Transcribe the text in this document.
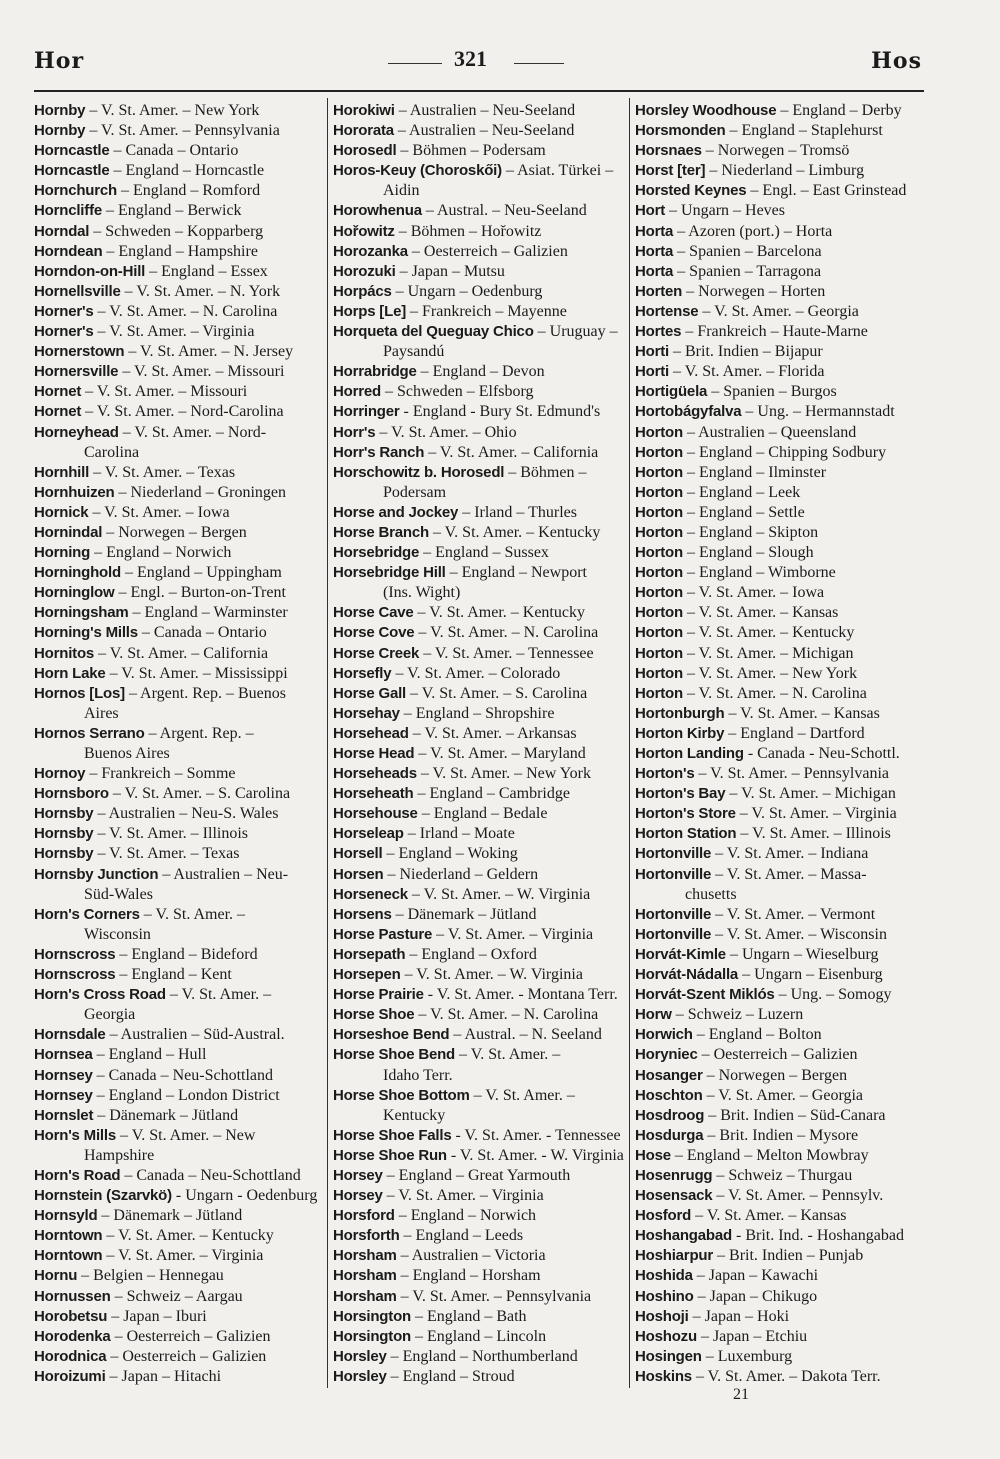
Hor	321	Hos
Hornby – V. St. Amer. – New York
Hornby – V. St. Amer. – Pennsylvania
Horncastle – Canada – Ontario
Horncastle – England – Horncastle
Hornchurch – England – Romford
Horncliffe – England – Berwick
Horndal – Schweden – Kopparberg
Horndean – England – Hampshire
Horndon-on-Hill – England – Essex
Hornellsville – V. St. Amer. – N. York
Horner's – V. St. Amer. – N. Carolina
Horner's – V. St. Amer. – Virginia
Hornerstown – V. St. Amer. – N. Jersey
Hornersville – V. St. Amer. – Missouri
Hornet – V. St. Amer. – Missouri
Hornet – V. St. Amer. – Nord-Carolina
Horneyhead – V. St. Amer. – Nord-
Carolina
Hornhill – V. St. Amer. – Texas
Hornhuizen – Niederland – Groningen
Hornick – V. St. Amer. – Iowa
Hornindal – Norwegen – Bergen
Horning – England – Norwich
Horninghold – England – Uppingham
Horninglow – Engl. – Burton-on-Trent
Horningsham – England – Warminster
Horning's Mills – Canada – Ontario
Hornitos – V. St. Amer. – California
Horn Lake – V. St. Amer. – Mississippi
Hornos [Los] – Argent. Rep. – Buenos
Aires
Hornos Serrano – Argent. Rep. –
Buenos Aires
Hornoy – Frankreich – Somme
Hornsboro – V. St. Amer. – S. Carolina
Hornsby – Australien – Neu-S. Wales
Hornsby – V. St. Amer. – Illinois
Hornsby – V. St. Amer. – Texas
Hornsby Junction – Australien – Neu-
Süd-Wales
Horn's Corners – V. St. Amer. –
Wisconsin
Hornscross – England – Bideford
Hornscross – England – Kent
Horn's Cross Road – V. St. Amer. –
Georgia
Hornsdale – Australien – Süd-Austral.
Hornsea – England – Hull
Hornsey – Canada – Neu-Schottland
Hornsey – England – London District
Hornslet – Dänemark – Jütland
Horn's Mills – V. St. Amer. – New
Hampshire
Horn's Road – Canada – Neu-Schottland
Hornstein (Szarvkö) - Ungarn - Oedenburg
Hornsyld – Dänemark – Jütland
Horntown – V. St. Amer. – Kentucky
Horntown – V. St. Amer. – Virginia
Hornu – Belgien – Hennegau
Hornussen – Schweiz – Aargau
Horobetsu – Japan – Iburi
Horodenka – Oesterreich – Galizien
Horodnica – Oesterreich – Galizien
Horoizumi – Japan – Hitachi
Horokiwi – Australien – Neu-Seeland
Hororata – Australien – Neu-Seeland
Horosedl – Böhmen – Podersam
Horos-Keuy (Choroskői) – Asiat. Türkei –
Aidin
Horowhenua – Austral. – Neu-Seeland
Hořowitz – Böhmen – Hořowitz
Horozanka – Oesterreich – Galizien
Horozuki – Japan – Mutsu
Horpács – Ungarn – Oedenburg
Horps [Le] – Frankreich – Mayenne
Horqueta del Queguay Chico – Uruguay –
Paysandú
Horrabridge – England – Devon
Horred – Schweden – Elfsborg
Horringer - England - Bury St. Edmund's
Horr's – V. St. Amer. – Ohio
Horr's Ranch – V. St. Amer. – California
Horschowitz b. Horosedl – Böhmen –
Podersam
Horse and Jockey – Irland – Thurles
Horse Branch – V. St. Amer. – Kentucky
Horsebridge – England – Sussex
Horsebridge Hill – England – Newport
(Ins. Wight)
Horse Cave – V. St. Amer. – Kentucky
Horse Cove – V. St. Amer. – N. Carolina
Horse Creek – V. St. Amer. – Tennessee
Horsefly – V. St. Amer. – Colorado
Horse Gall – V. St. Amer. – S. Carolina
Horsehay – England – Shropshire
Horsehead – V. St. Amer. – Arkansas
Horse Head – V. St. Amer. – Maryland
Horseheads – V. St. Amer. – New York
Horseheath – England – Cambridge
Horsehouse – England – Bedale
Horseleap – Irland – Moate
Horsell – England – Woking
Horsen – Niederland – Geldern
Horseneck – V. St. Amer. – W. Virginia
Horsens – Dänemark – Jütland
Horse Pasture – V. St. Amer. – Virginia
Horsepath – England – Oxford
Horsepen – V. St. Amer. – W. Virginia
Horse Prairie - V. St. Amer. - Montana Terr.
Horse Shoe – V. St. Amer. – N. Carolina
Horseshoe Bend – Austral. – N. Seeland
Horse Shoe Bend – V. St. Amer. –
Idaho Terr.
Horse Shoe Bottom – V. St. Amer. –
Kentucky
Horse Shoe Falls - V. St. Amer. - Tennessee
Horse Shoe Run - V. St. Amer. - W. Virginia
Horsey – England – Great Yarmouth
Horsey – V. St. Amer. – Virginia
Horsford – England – Norwich
Horsforth – England – Leeds
Horsham – Australien – Victoria
Horsham – England – Horsham
Horsham – V. St. Amer. – Pennsylvania
Horsington – England – Bath
Horsington – England – Lincoln
Horsley – England – Northumberland
Horsley – England – Stroud
Horsley Woodhouse – England – Derby
Horsmonden – England – Staplehurst
Horsnaes – Norwegen – Tromsö
Horst [ter] – Niederland – Limburg
Horsted Keynes – Engl. – East Grinstead
Hort – Ungarn – Heves
Horta – Azoren (port.) – Horta
Horta – Spanien – Barcelona
Horta – Spanien – Tarragona
Horten – Norwegen – Horten
Hortense – V. St. Amer. – Georgia
Hortes – Frankreich – Haute-Marne
Horti – Brit. Indien – Bijapur
Horti – V. St. Amer. – Florida
Hortigüela – Spanien – Burgos
Hortobágyfalva – Ung. – Hermannstadt
Horton – Australien – Queensland
Horton – England – Chipping Sodbury
Horton – England – Ilminster
Horton – England – Leek
Horton – England – Settle
Horton – England – Skipton
Horton – England – Slough
Horton – England – Wimborne
Horton – V. St. Amer. – Iowa
Horton – V. St. Amer. – Kansas
Horton – V. St. Amer. – Kentucky
Horton – V. St. Amer. – Michigan
Horton – V. St. Amer. – New York
Horton – V. St. Amer. – N. Carolina
Hortonburgh – V. St. Amer. – Kansas
Horton Kirby – England – Dartford
Horton Landing - Canada - Neu-Schottl.
Horton's – V. St. Amer. – Pennsylvania
Horton's Bay – V. St. Amer. – Michigan
Horton's Store – V. St. Amer. – Virginia
Horton Station – V. St. Amer. – Illinois
Hortonville – V. St. Amer. – Indiana
Hortonville – V. St. Amer. – Massa-
chusetts
Hortonville – V. St. Amer. – Vermont
Hortonville – V. St. Amer. – Wisconsin
Horvát-Kimle – Ungarn – Wieselburg
Horvát-Nádalla – Ungarn – Eisenburg
Horvát-Szent Miklós – Ung. – Somogy
Horw – Schweiz – Luzern
Horwich – England – Bolton
Horyniec – Oesterreich – Galizien
Hosanger – Norwegen – Bergen
Hoschton – V. St. Amer. – Georgia
Hosdroog – Brit. Indien – Süd-Canara
Hosdurga – Brit. Indien – Mysore
Hose – England – Melton Mowbray
Hosenrugg – Schweiz – Thurgau
Hosensack – V. St. Amer. – Pennsylv.
Hosford – V. St. Amer. – Kansas
Hoshangabad - Brit. Ind. - Hoshangabad
Hoshiarpur – Brit. Indien – Punjab
Hoshida – Japan – Kawachi
Hoshino – Japan – Chikugo
Hoshoji – Japan – Hoki
Hoshozu – Japan – Etchiu
Hosingen – Luxemburg
Hoskins – V. St. Amer. – Dakota Terr.
21
